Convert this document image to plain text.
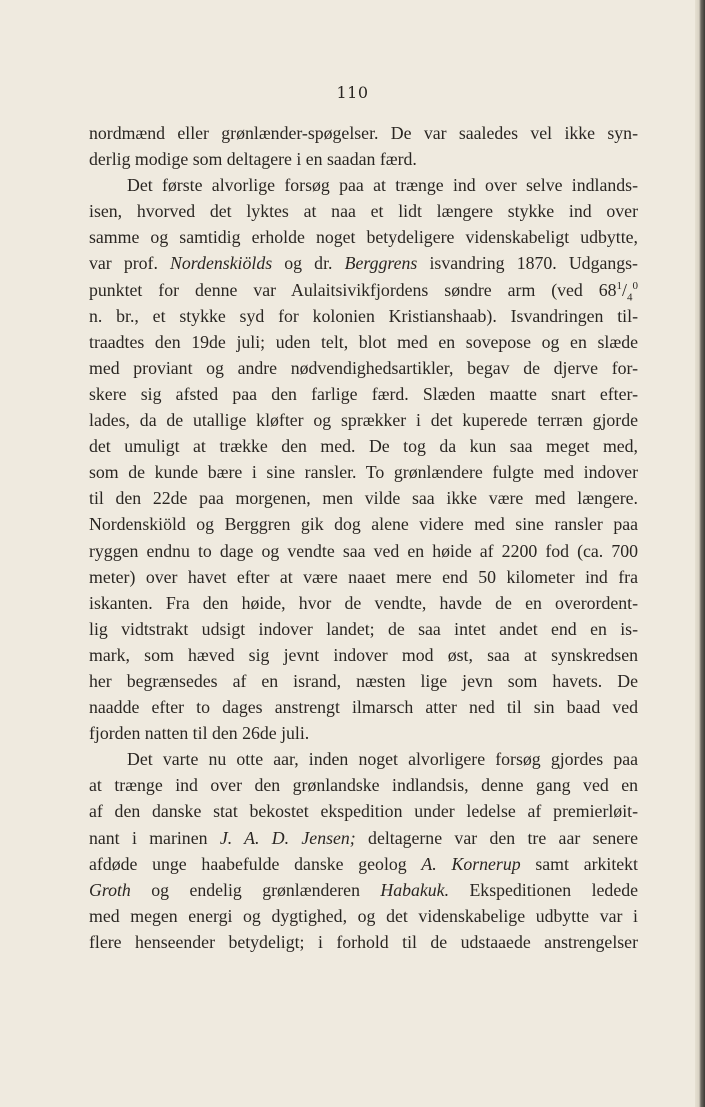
110
nordmænd eller grønlænder-spøgelser. De var saaledes vel ikke syn-
derlig modige som deltagere i en saadan færd.
Det første alvorlige forsøg paa at trænge ind over selve indlands-
isen, hvorved det lyktes at naa et lidt længere stykke ind over
samme og samtidig erholde noget betydeligere videnskabeligt udbytte,
var prof. Nordenskiölds og dr. Berggrens isvandring 1870. Udgangs-
punktet for denne var Aulaitsivikfjordens søndre arm (ved $68^1/_4^0$
n. br., et stykke syd for kolonien Kristianshaab). Isvandringen til-
traadtes den 19de juli; uden telt, blot med en sovepose og en slæde
med proviant og andre nødvendighedsartikler, begav de djerve for-
skere sig afsted paa den farlige færd. Slæden maatte snart efter-
lades, da de utallige kløfter og sprækker i det kuperede terræn gjorde
det umuligt at trække den med. De tog da kun saa meget med,
som de kunde bære i sine ransler. To grønlændere fulgte med indover
til den 22de paa morgenen, men vilde saa ikke være med længere.
Nordenskiöld og Berggren gik dog alene videre med sine ransler paa
ryggen endnu to dage og vendte saa ved en høide af 2200 fod (ca. 700
meter) over havet efter at være naaet mere end 50 kilometer ind fra
iskanten. Fra den høide, hvor de vendte, havde de en overordent-
lig vidtstrakt udsigt indover landet; de saa intet andet end en is-
mark, som hæved sig jevnt indover mod øst, saa at synskredsen
her begrænsedes af en isrand, næsten lige jevn som havets. De
naadde efter to dages anstrengt ilmarsch atter ned til sin baad ved
fjorden natten til den 26de juli.
Det varte nu otte aar, inden noget alvorligere forsøg gjordes paa
at trænge ind over den grønlandske indlandsis, denne gang ved en
af den danske stat bekostet ekspedition under ledelse af premierløit-
nant i marinen J. A. D. Jensen; deltagerne var den tre aar senere
afdøde unge haabefulde danske geolog A. Kornerup samt arkitekt
Groth og endelig grønlænderen Habakuk. Ekspeditionen ledede
med megen energi og dygtighed, og det videnskabelige udbytte var i
flere henseender betydeligt; i forhold til de udstaaede anstrengelser
